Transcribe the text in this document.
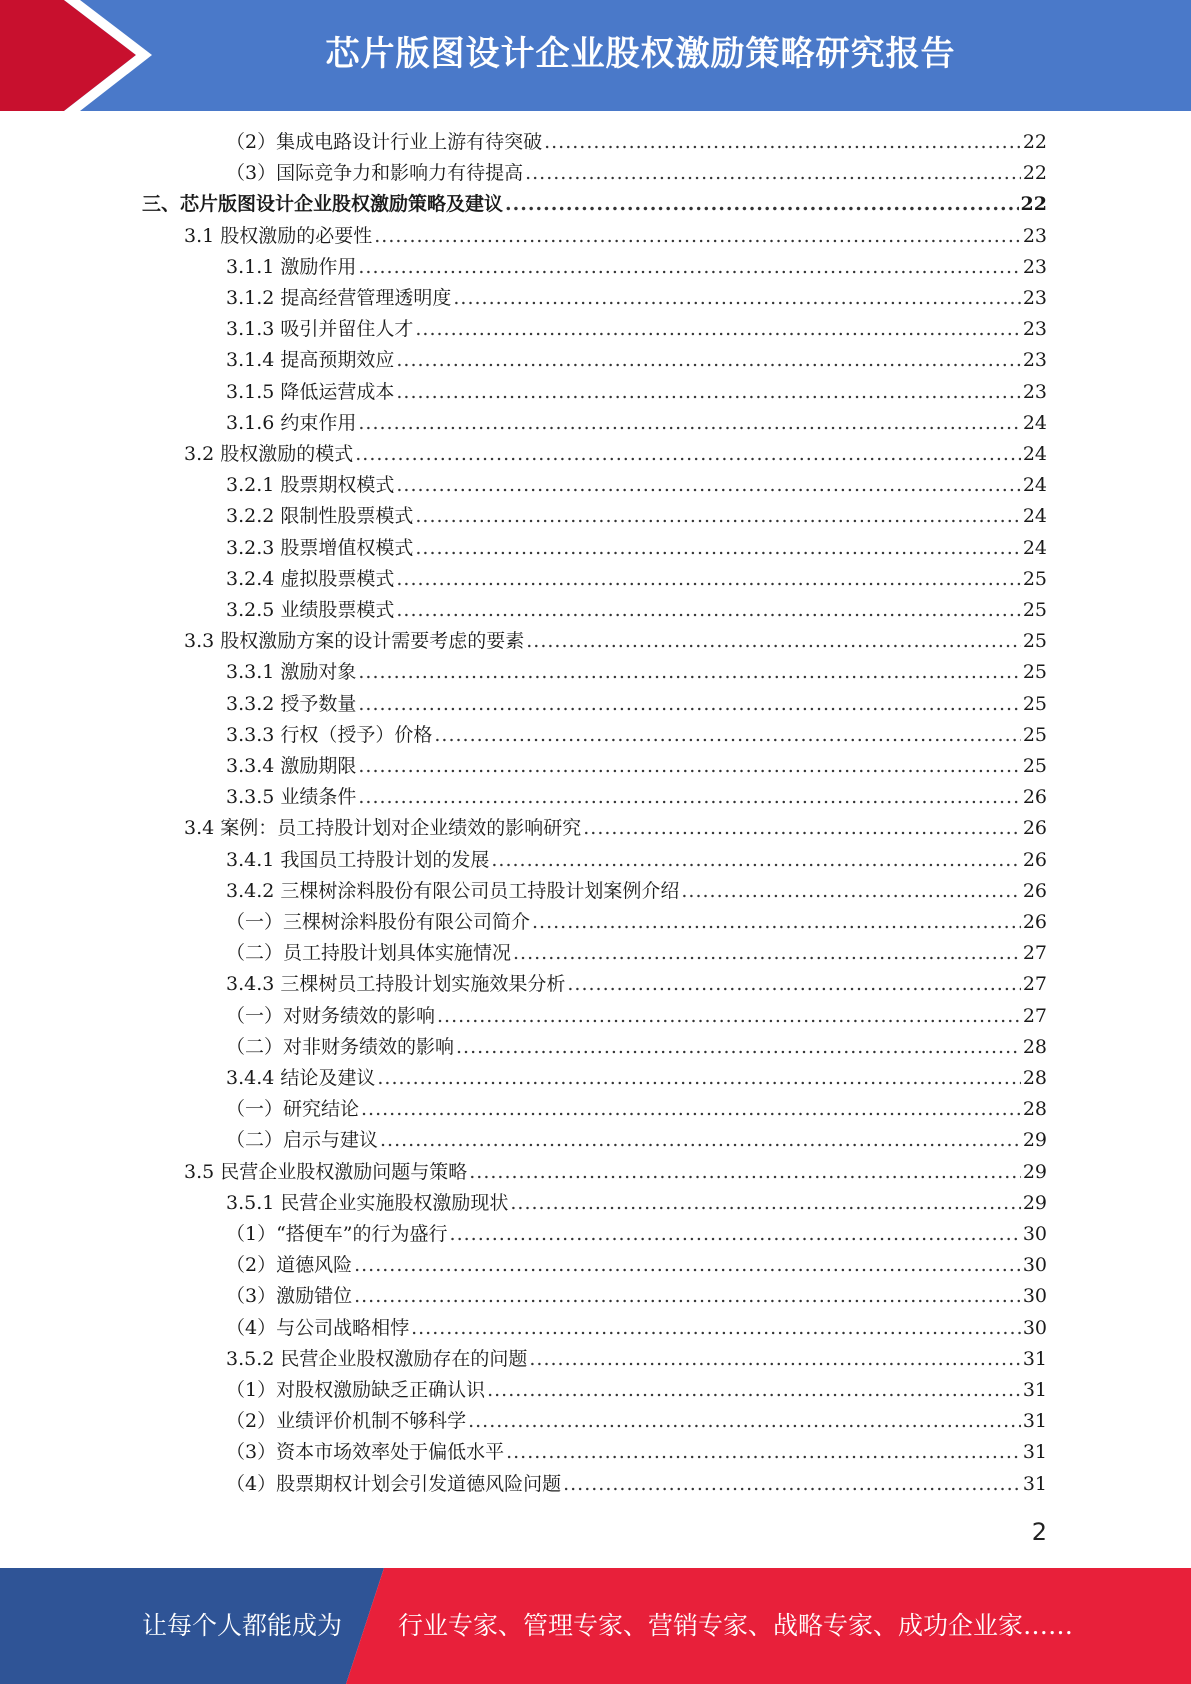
芯片版图设计企业股权激励策略研究报告
（2）集成电路设计行业上游有待突破 .....	22
（3）国际竞争力和影响力有待提高 .....	22
三、芯片版图设计企业股权激励策略及建议 .....	22
3.1 股权激励的必要性 .....	23
3.1.1 激励作用 .....	23
3.1.2 提高经营管理透明度 .....	23
3.1.3 吸引并留住人才 .....	23
3.1.4 提高预期效应 .....	23
3.1.5 降低运营成本 .....	23
3.1.6 约束作用 .....	24
3.2 股权激励的模式 .....	24
3.2.1 股票期权模式 .....	24
3.2.2 限制性股票模式 .....	24
3.2.3 股票增值权模式 .....	24
3.2.4 虚拟股票模式 .....	25
3.2.5 业绩股票模式 .....	25
3.3 股权激励方案的设计需要考虑的要素 .....	25
3.3.1 激励对象 .....	25
3.3.2 授予数量 .....	25
3.3.3 行权（授予）价格 .....	25
3.3.4 激励期限 .....	25
3.3.5 业绩条件 .....	26
3.4 案例：员工持股计划对企业绩效的影响研究 .....	26
3.4.1 我国员工持股计划的发展 .....	26
3.4.2 三棵树涂料股份有限公司员工持股计划案例介绍 .....	26
（一）三棵树涂料股份有限公司简介 .....	26
（二）员工持股计划具体实施情况 .....	27
3.4.3 三棵树员工持股计划实施效果分析 .....	27
（一）对财务绩效的影响 .....	27
（二）对非财务绩效的影响 .....	28
3.4.4 结论及建议 .....	28
（一）研究结论 .....	28
（二）启示与建议 .....	29
3.5 民营企业股权激励问题与策略 .....	29
3.5.1 民营企业实施股权激励现状 .....	29
（1）“搭便车”的行为盛行 .....	30
（2）道德风险 .....	30
（3）激励错位 .....	30
（4）与公司战略相悖 .....	30
3.5.2 民营企业股权激励存在的问题 .....	31
（1）对股权激励缺乏正确认识 .....	31
（2）业绩评价机制不够科学 .....	31
（3）资本市场效率处于偏低水平 .....	31
（4）股票期权计划会引发道德风险问题 .....	31
2
让每个人都能成为 行业专家、管理专家、营销专家、战略专家、成功企业家……
